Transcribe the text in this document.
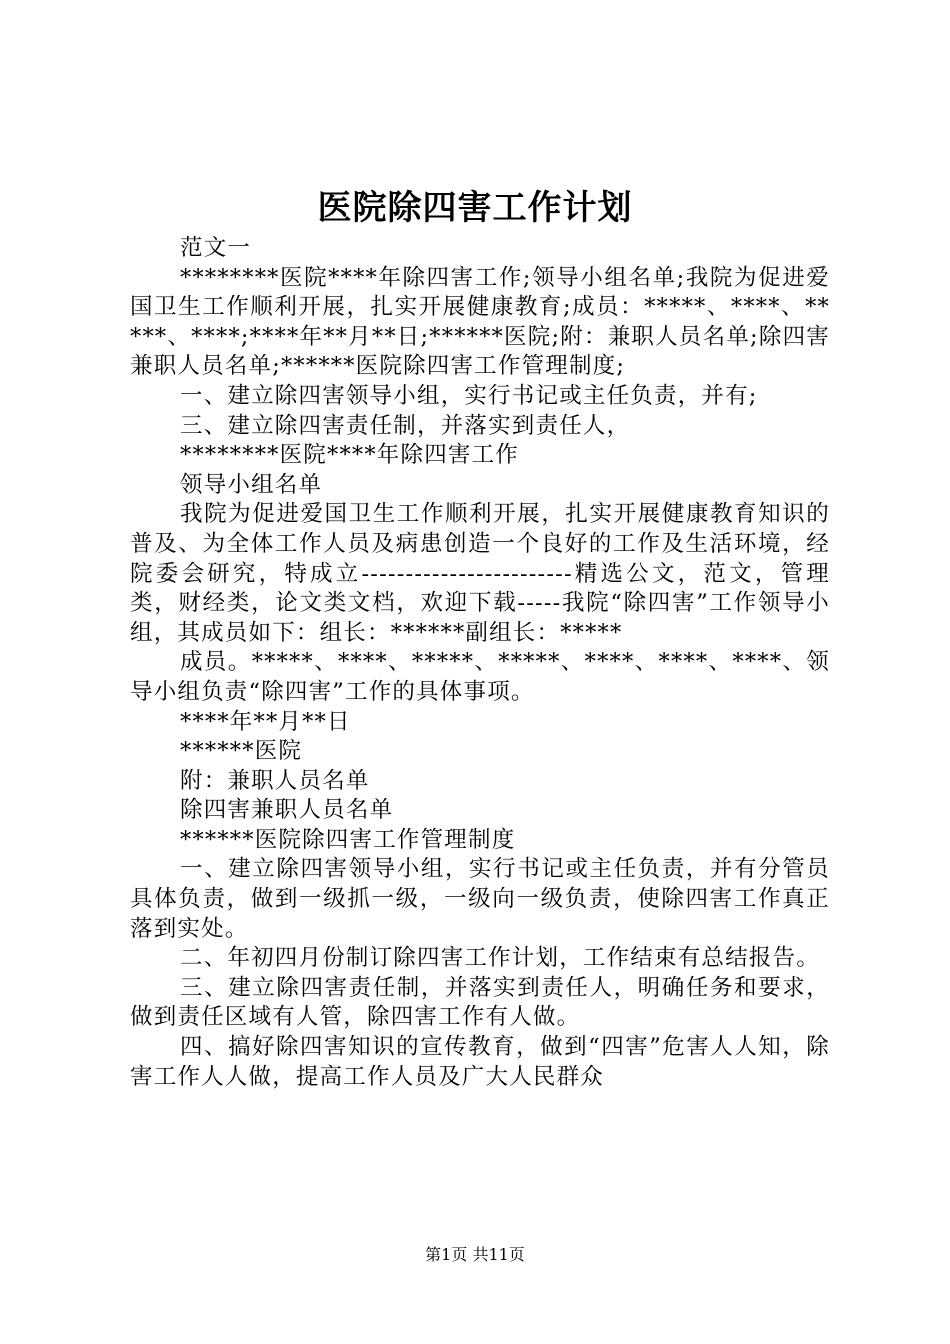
医院除四害工作计划

范文一

********医院****年除四害工作;领导小组名单;我院为促进爱国卫生工作顺利开展，扎实开展健康教育;成员：*****、****、*****、****;****年**月**日;******医院;附：兼职人员名单;除四害兼职人员名单;******医院除四害工作管理制度;

一、建立除四害领导小组，实行书记或主任负责，并有;

三、建立除四害责任制，并落实到责任人，

********医院****年除四害工作

领导小组名单

我院为促进爱国卫生工作顺利开展，扎实开展健康教育知识的普及、为全体工作人员及病患创造一个良好的工作及生活环境，经院委会研究，特成立------------------------精选公文，范文，管理类，财经类，论文类文档，欢迎下载-----我院“除四害”工作领导小组，其成员如下：组长：******副组长：*****

成员。*****、****、*****、*****、****、****、****、领导小组负责“除四害”工作的具体事项。

****年**月**日

******医院

附：兼职人员名单

除四害兼职人员名单

******医院除四害工作管理制度

一、建立除四害领导小组，实行书记或主任负责，并有分管员具体负责，做到一级抓一级，一级向一级负责，使除四害工作真正落到实处。

二、年初四月份制订除四害工作计划，工作结束有总结报告。

三、建立除四害责任制，并落实到责任人，明确任务和要求，做到责任区域有人管，除四害工作有人做。

四、搞好除四害知识的宣传教育，做到“四害”危害人人知，除害工作人人做，提高工作人员及广大人民群众

第1页 共11页
